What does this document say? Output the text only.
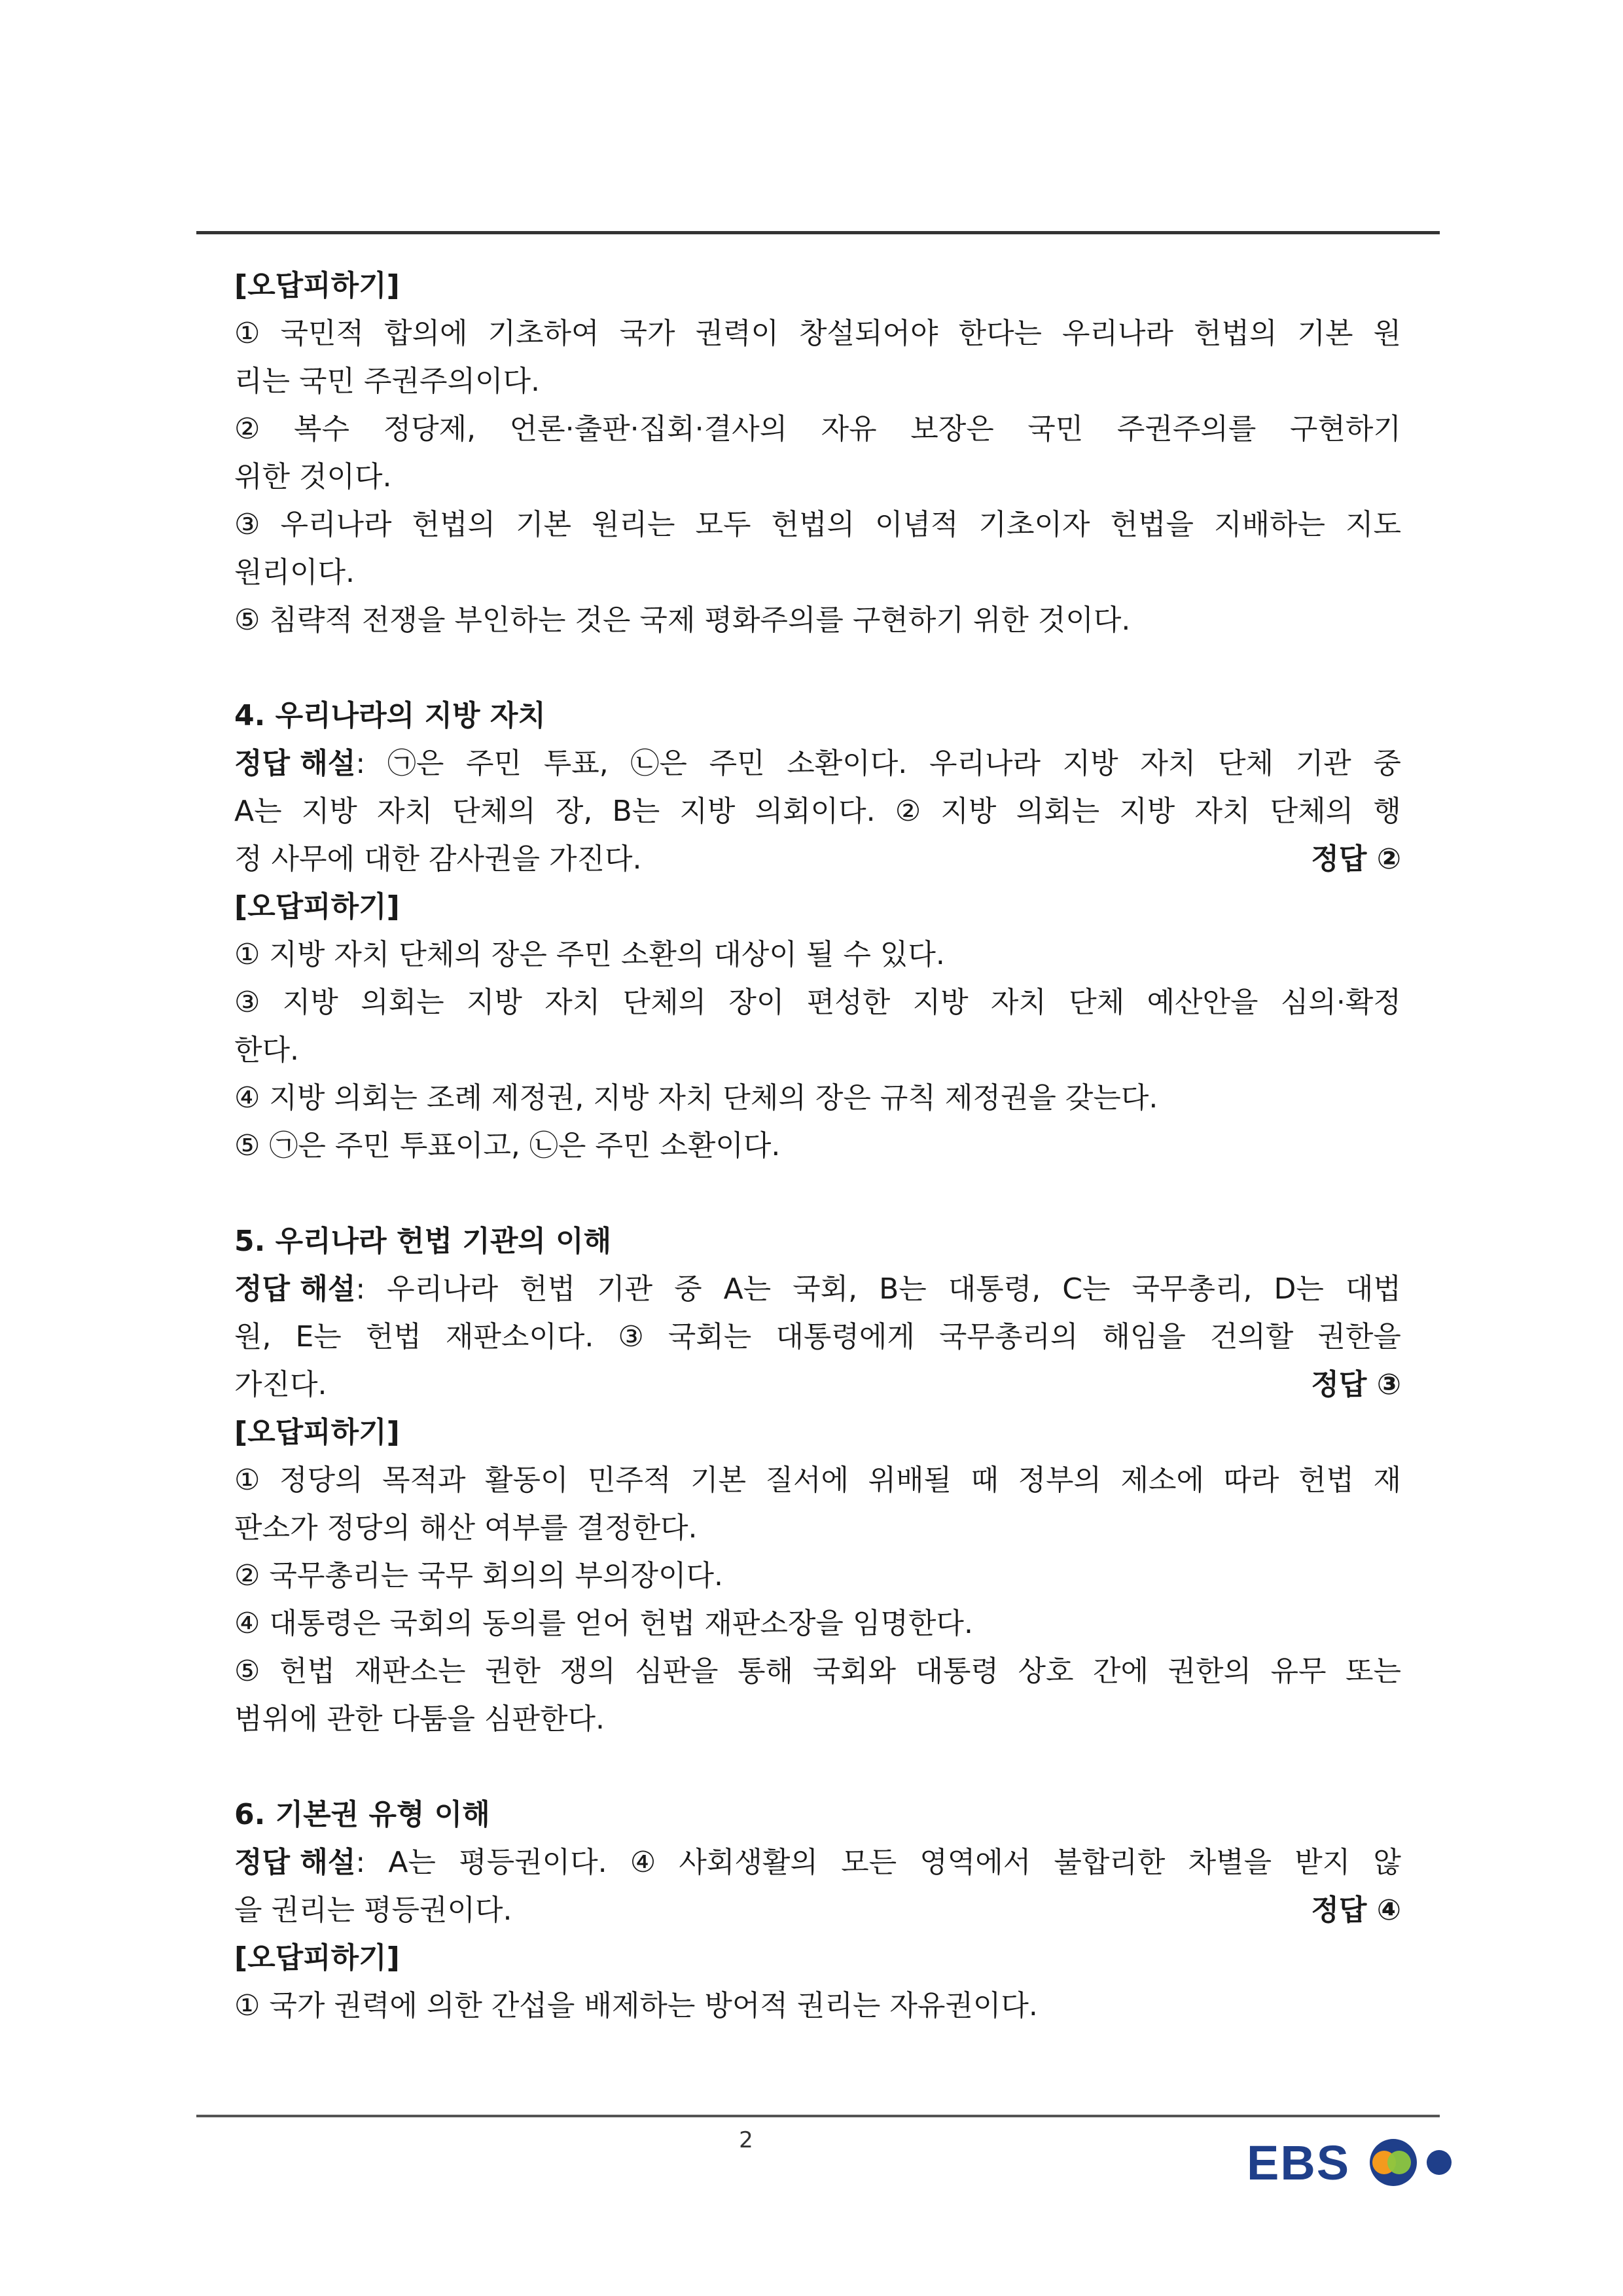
[오답피하기]
① 국민적 합의에 기초하여 국가 권력이 창설되어야 한다는 우리나라 헌법의 기본 원
리는 국민 주권주의이다.
② 복수 정당제, 언론·출판·집회·결사의 자유 보장은 국민 주권주의를 구현하기
위한 것이다.
③ 우리나라 헌법의 기본 원리는 모두 헌법의 이념적 기초이자 헌법을 지배하는 지도
원리이다.
⑤ 침략적 전쟁을 부인하는 것은 국제 평화주의를 구현하기 위한 것이다.
4. 우리나라의 지방 자치
정답 해설: ㉠은 주민 투표, ㉡은 주민 소환이다. 우리나라 지방 자치 단체 기관 중
A는 지방 자치 단체의 장, B는 지방 의회이다. ② 지방 의회는 지방 자치 단체의 행
정 사무에 대한 감사권을 가진다.	정답 ②
[오답피하기]
① 지방 자치 단체의 장은 주민 소환의 대상이 될 수 있다.
③ 지방 의회는 지방 자치 단체의 장이 편성한 지방 자치 단체 예산안을 심의·확정
한다.
④ 지방 의회는 조례 제정권, 지방 자치 단체의 장은 규칙 제정권을 갖는다.
⑤ ㉠은 주민 투표이고, ㉡은 주민 소환이다.
5. 우리나라 헌법 기관의 이해
정답 해설: 우리나라 헌법 기관 중 A는 국회, B는 대통령, C는 국무총리, D는 대법
원, E는 헌법 재판소이다. ③ 국회는 대통령에게 국무총리의 해임을 건의할 권한을
가진다.	정답 ③
[오답피하기]
① 정당의 목적과 활동이 민주적 기본 질서에 위배될 때 정부의 제소에 따라 헌법 재
판소가 정당의 해산 여부를 결정한다.
② 국무총리는 국무 회의의 부의장이다.
④ 대통령은 국회의 동의를 얻어 헌법 재판소장을 임명한다.
⑤ 헌법 재판소는 권한 쟁의 심판을 통해 국회와 대통령 상호 간에 권한의 유무 또는
범위에 관한 다툼을 심판한다.
6. 기본권 유형 이해
정답 해설: A는 평등권이다. ④ 사회생활의 모든 영역에서 불합리한 차별을 받지 않
을 권리는 평등권이다.	정답 ④
[오답피하기]
① 국가 권력에 의한 간섭을 배제하는 방어적 권리는 자유권이다.
2	EBS
